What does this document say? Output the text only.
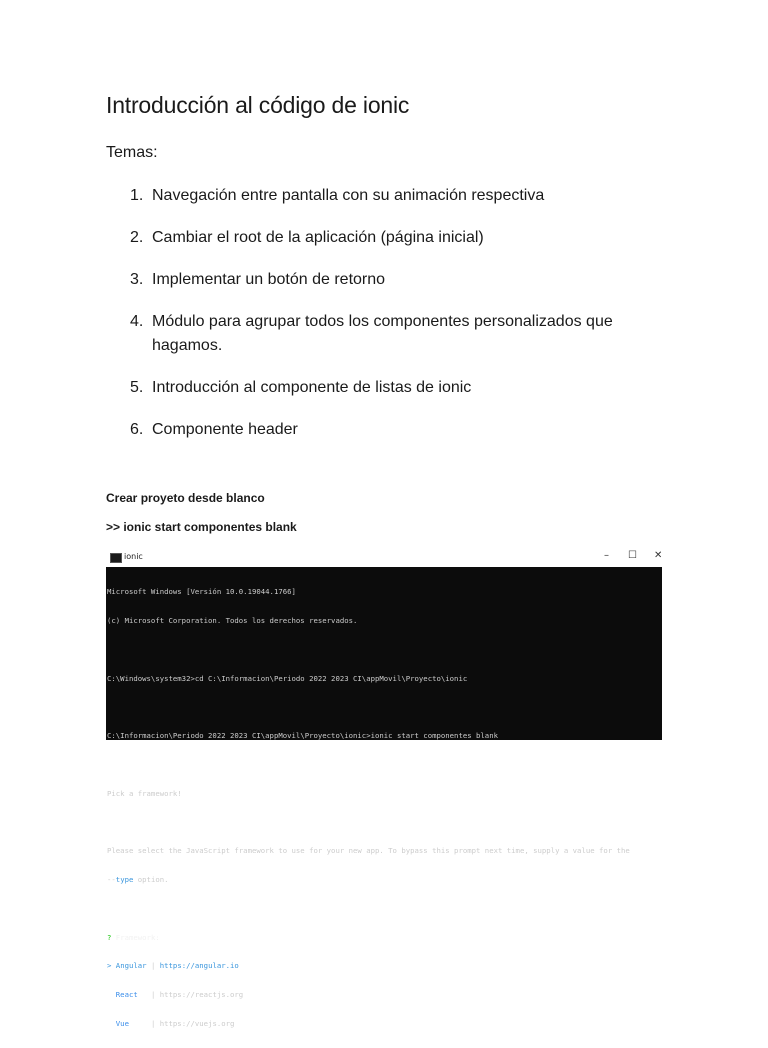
Introducción al código de ionic

Temas:

1. Navegación entre pantalla con su animación respectiva
2. Cambiar el root de la aplicación (página inicial)
3. Implementar un botón de retorno
4. Módulo para agrupar todos los componentes personalizados que hagamos.
5. Introducción al componente de listas de ionic
6. Componente header

Crear proyeto desde blanco

>> ionic start componentes blank

ionic	– ☐ ✕

Microsoft Windows [Versión 10.0.19044.1766]

(c) Microsoft Corporation. Todos los derechos reservados.

C:\Windows\system32>cd C:\Informacion\Periodo 2022 2023 CI\appMovil\Proyecto\ionic

C:\Informacion\Periodo 2022 2023 CI\appMovil\Proyecto\ionic>ionic start componentes blank

Pick a framework!

Please select the JavaScript framework to use for your new app. To bypass this prompt next time, supply a value for the

--type option.

? Framework:

> Angular | https://angular.io

React   | https://reactjs.org

Vue     | https://vuejs.org
